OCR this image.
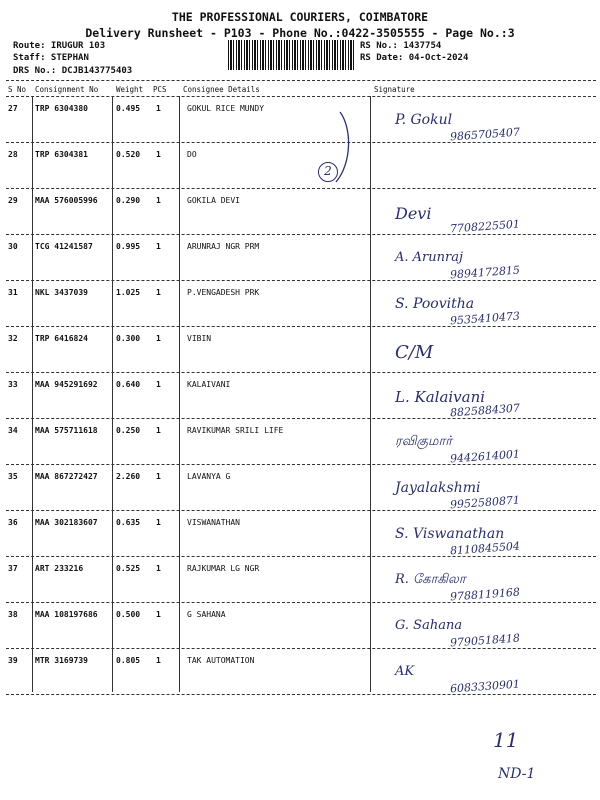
THE PROFESSIONAL COURIERS, COIMBATORE
Delivery Runsheet - P103 - Phone No.:0422-3505555 - Page No.:3
Route: IRUGUR 103
Staff: STEPHAN
DRS No.: DCJB143775403
RS No.: 1437754
RS Date: 04-Oct-2024
S No Consignment No Weight PCS Consignee Details	Signature
27 TRP 6304380	0.495 1	GOKUL RICE MUNDY
P. Gokul
9865705407
28 TRP 6304381	0.520 1	DO
29 MAA 576005996 0.290 1	GOKILA DEVI
Devi
7708225501
30 TCG 41241587	0.995 1	ARUNRAJ NGR PRM
A. Arunraj
9894172815
31 NKL 3437039	1.025 1	P.VENGADESH PRK
S. Poovitha
9535410473
32 TRP 6416824	0.300 1	VIBIN
C/M
33 MAA 945291692 0.640 1	KALAIVANI
L. Kalaivani
8825884307
34 MAA 575711618 0.250 1	RAVIKUMAR SRILI LIFE
ரவிகுமார்
9442614001
35 MAA 867272427 2.260 1	LAVANYA G
Jayalakshmi
9952580871
36 MAA 302183607 0.635 1	VISWANATHAN
S. Viswanathan
8110845504
37 ART 233216	0.525 1	RAJKUMAR LG NGR
R. கோகிலா
9788119168
38 MAA 108197686 0.500 1	G SAHANA
G. Sahana
9790518418
39 MTR 3169739	0.805 1	TAK AUTOMATION
AK
6083330901
2
11
ND-1
